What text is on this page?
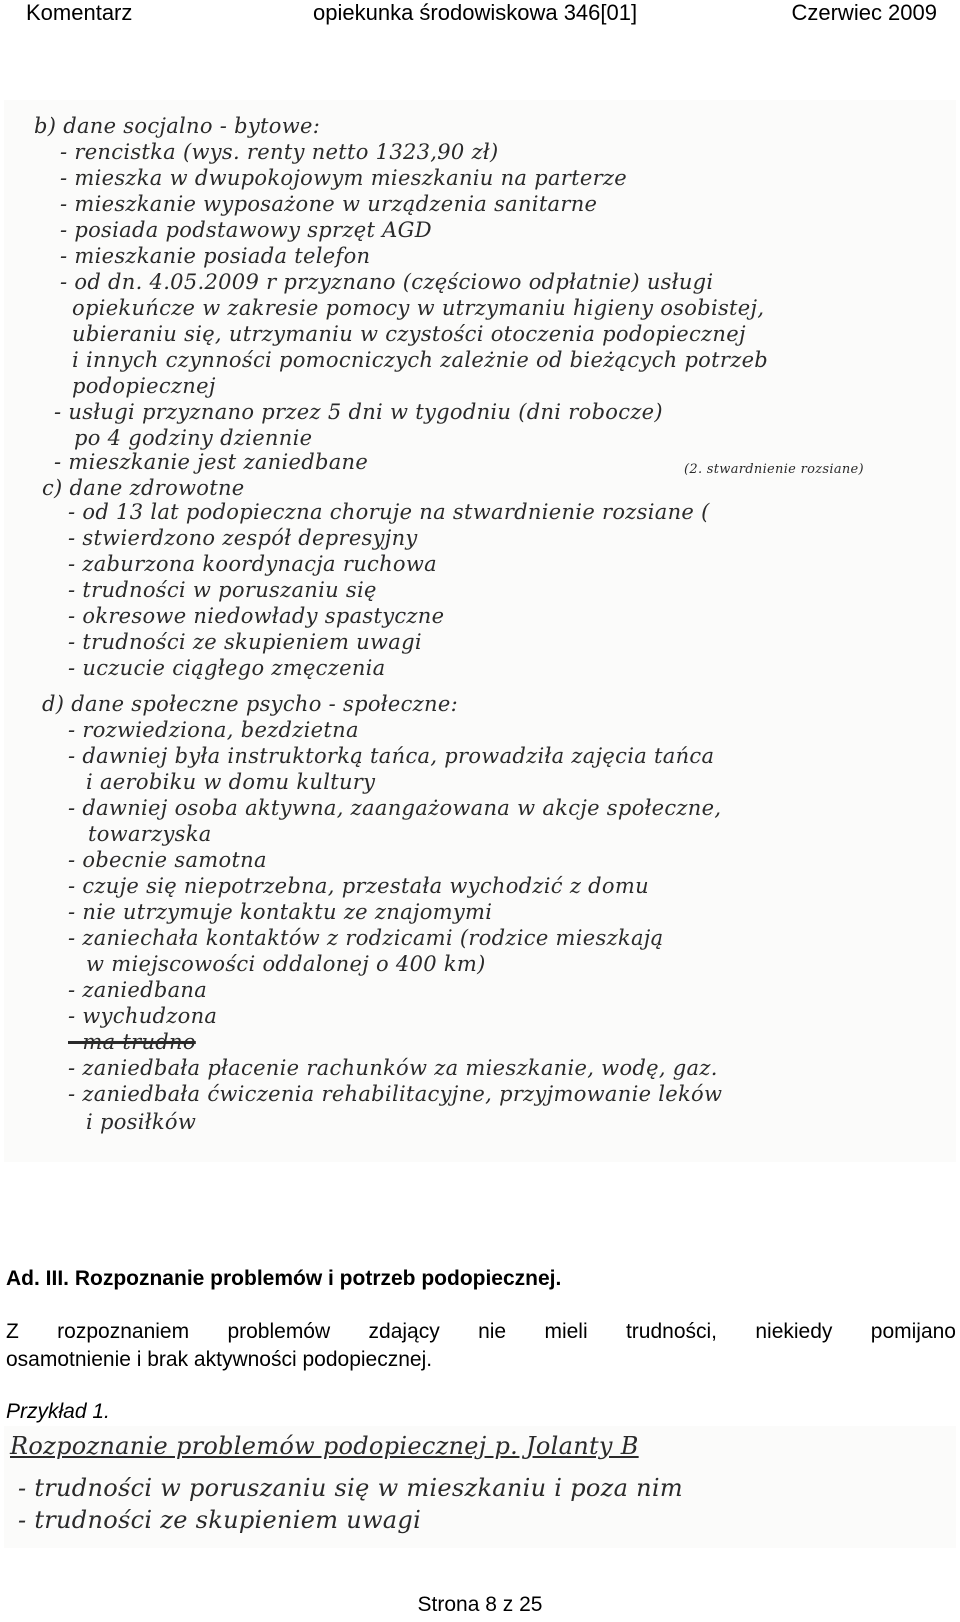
Komentarz	opiekunka środowiskowa 346[01]	Czerwiec 2009
b) dane socjalno - bytowe:
- rencistka (wys. renty netto 1323,90 zł)
- mieszka w dwupokojowym mieszkaniu na parterze
- mieszkanie wyposażone w urządzenia sanitarne
- posiada podstawowy sprzęt AGD
- mieszkanie posiada telefon
- od dn. 4.05.2009 r przyznano (częściowo odpłatnie) usługi
opiekuńcze w zakresie pomocy w utrzymaniu higieny osobistej,
ubieraniu się, utrzymaniu w czystości otoczenia podopiecznej
i innych czynności pomocniczych zależnie od bieżących potrzeb
podopiecznej
- usługi przyznano przez 5 dni w tygodniu (dni robocze)
po 4 godziny dziennie
- mieszkanie jest zaniedbane
c) dane zdrowotne
(2. stwardnienie rozsiane)
- od 13 lat podopieczna choruje na stwardnienie rozsiane (
- stwierdzono zespół depresyjny
- zaburzona koordynacja ruchowa
- trudności w poruszaniu się
- okresowe niedowłady spastyczne
- trudności ze skupieniem uwagi
- uczucie ciągłego zmęczenia
d) dane społeczne psycho - społeczne:
- rozwiedziona, bezdzietna
- dawniej była instruktorką tańca, prowadziła zajęcia tańca
i aerobiku w domu kultury
- dawniej osoba aktywna, zaangażowana w akcje społeczne,
towarzyska
- obecnie samotna
- czuje się niepotrzebna, przestała wychodzić z domu
- nie utrzymuje kontaktu ze znajomymi
- zaniechała kontaktów z rodzicami (rodzice mieszkają
w miejscowości oddalonej o 400 km)
- zaniedbana
- wychudzona
- ma trudno
- zaniedbała płacenie rachunków za mieszkanie, wodę, gaz.
- zaniedbała ćwiczenia rehabilitacyjne, przyjmowanie leków
i posiłków
Ad. III. Rozpoznanie problemów i potrzeb podopiecznej.
Z rozpoznaniem problemów zdający nie mieli trudności, niekiedy pomijano
osamotnienie i brak aktywności podopiecznej.
Przykład 1.
Rozpoznanie problemów podopiecznej p. Jolanty B
- trudności w poruszaniu się w mieszkaniu i poza nim
- trudności ze skupieniem uwagi
Strona 8 z 25
